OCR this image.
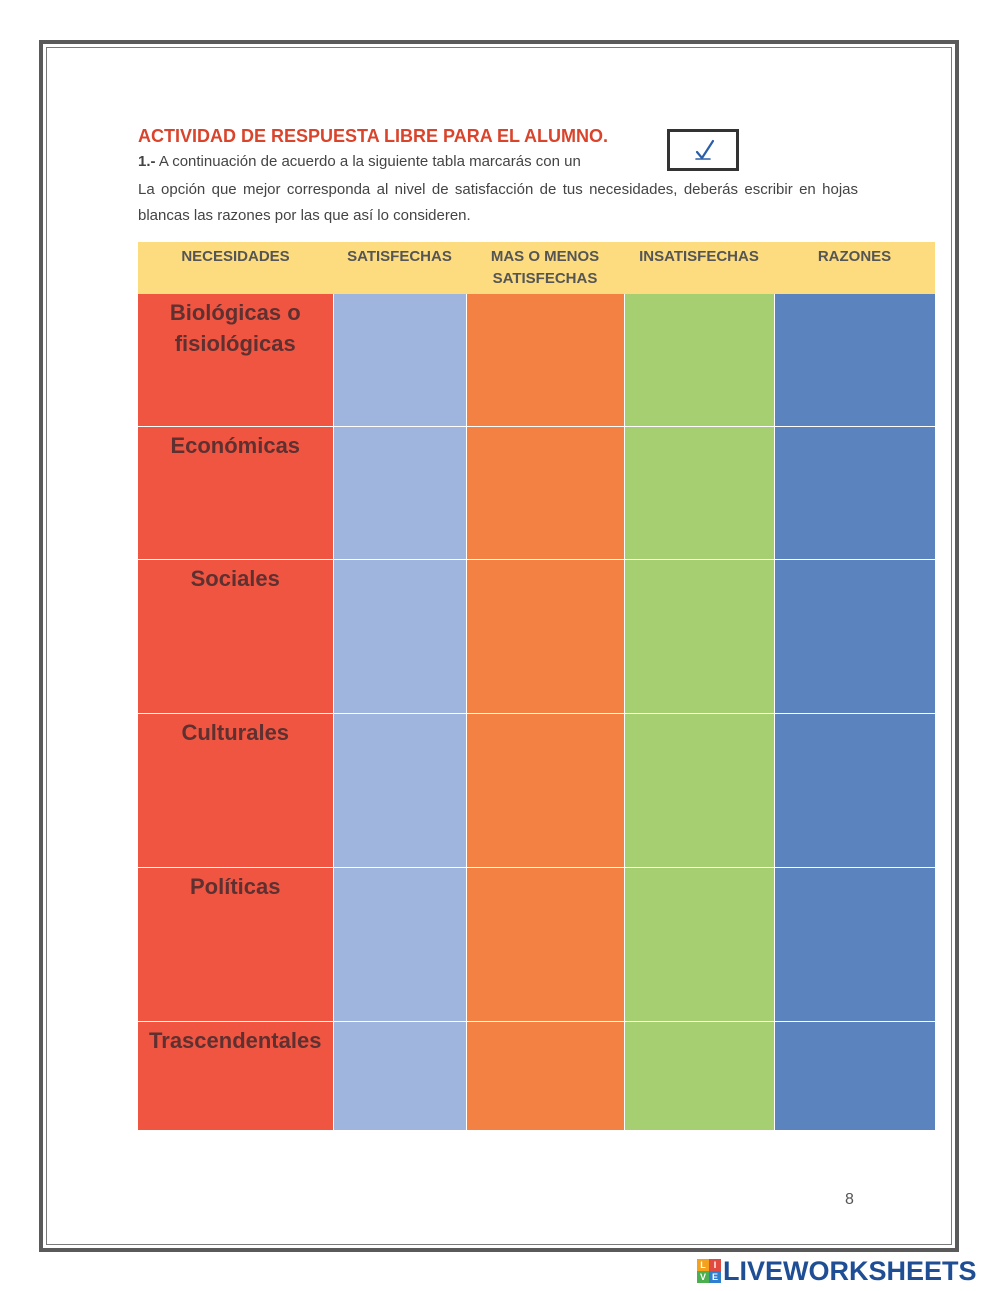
ACTIVIDAD DE RESPUESTA LIBRE PARA EL ALUMNO.
1.- A continuación de acuerdo a la siguiente tabla marcarás con un
La opción que mejor corresponda al nivel de satisfacción de tus necesidades, deberás escribir en hojas blancas las razones por las que así lo consideren.
NECESIDADES	SATISFECHAS	MAS O MENOS SATISFECHAS	INSATISFECHAS	RAZONES
Biológicas o fisiológicas				
Económicas				
Sociales				
Culturales				
Políticas				
Trascendentales				
8
L I
V E LIVEWORKSHEETS
